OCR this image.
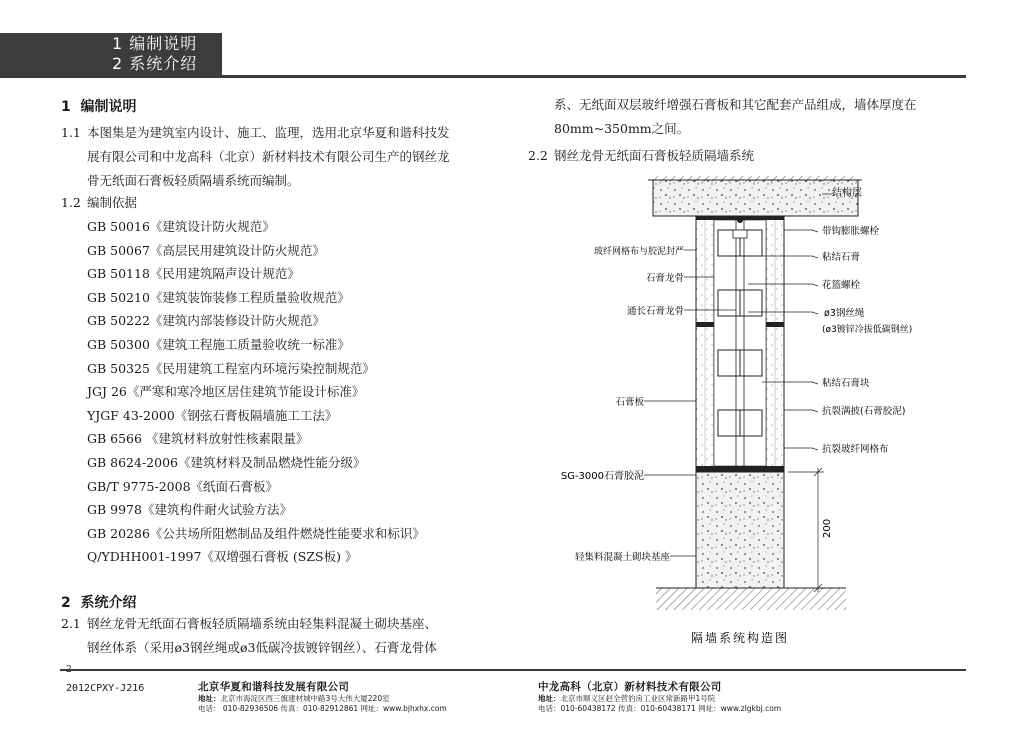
1 编制说明
2 系统介绍
1 编制说明
1.1 本图集是为建筑室内设计、施工、监理，选用北京华夏和谐科技发
展有限公司和中龙高科（北京）新材料技术有限公司生产的钢丝龙
骨无纸面石膏板轻质隔墙系统而编制。
1.2 编制依据
GB 50016《建筑设计防火规范》
GB 50067《高层民用建筑设计防火规范》
GB 50118《民用建筑隔声设计规范》
GB 50210《建筑装饰装修工程质量验收规范》
GB 50222《建筑内部装修设计防火规范》
GB 50300《建筑工程施工质量验收统一标准》
GB 50325《民用建筑工程室内环境污染控制规范》
JGJ 26《严寒和寒冷地区居住建筑节能设计标准》
YJGF 43-2000《钢弦石膏板隔墙施工工法》
GB 6566 《建筑材料放射性核素限量》
GB 8624-2006《建筑材料及制品燃烧性能分级》
GB/T 9775-2008《纸面石膏板》
GB 9978《建筑构件耐火试验方法》
GB 20286《公共场所阻燃制品及组件燃烧性能要求和标识》
Q/YDHH001-1997《双增强石膏板 (SZS板) 》
2 系统介绍
2.1 钢丝龙骨无纸面石膏板轻质隔墙系统由轻集料混凝土砌块基座、
钢丝体系（采用ø3钢丝绳或ø3低碳冷拔镀锌钢丝）、石膏龙骨体
系、无纸面双层玻纤增强石膏板和其它配套产品组成，墙体厚度在
80mm~350mm之间。
2.2 钢丝龙骨无纸面石膏板轻质隔墙系统
200
结构层
带钩膨胀螺栓
粘结石膏
花篮螺栓
ø3钢丝绳
(ø3镀锌冷拔低碳钢丝)
粘结石膏块
抗裂满披(石膏胶泥)
抗裂玻纤网格布
玻纤网格布与胶泥封严
石膏龙骨
通长石膏龙骨
石膏板
SG-3000石膏胶泥
轻集料混凝土砌块基座
隔墙系统构造图
2012CPXY-J216	北京华夏和谐科技发展有限公司
地址：北京市海淀区西三旗建材城中路3号大伟大厦220室
电话： 010-82936506 传真：010-82912861 网址：www.bjhxhx.com
中龙高科（北京）新材料技术有限公司
地址：北京市顺义区赵全营豹房工业区常新路甲1号院
电话：010-60438172 传真：010-60438171 网址：www.zlgkbj.com
